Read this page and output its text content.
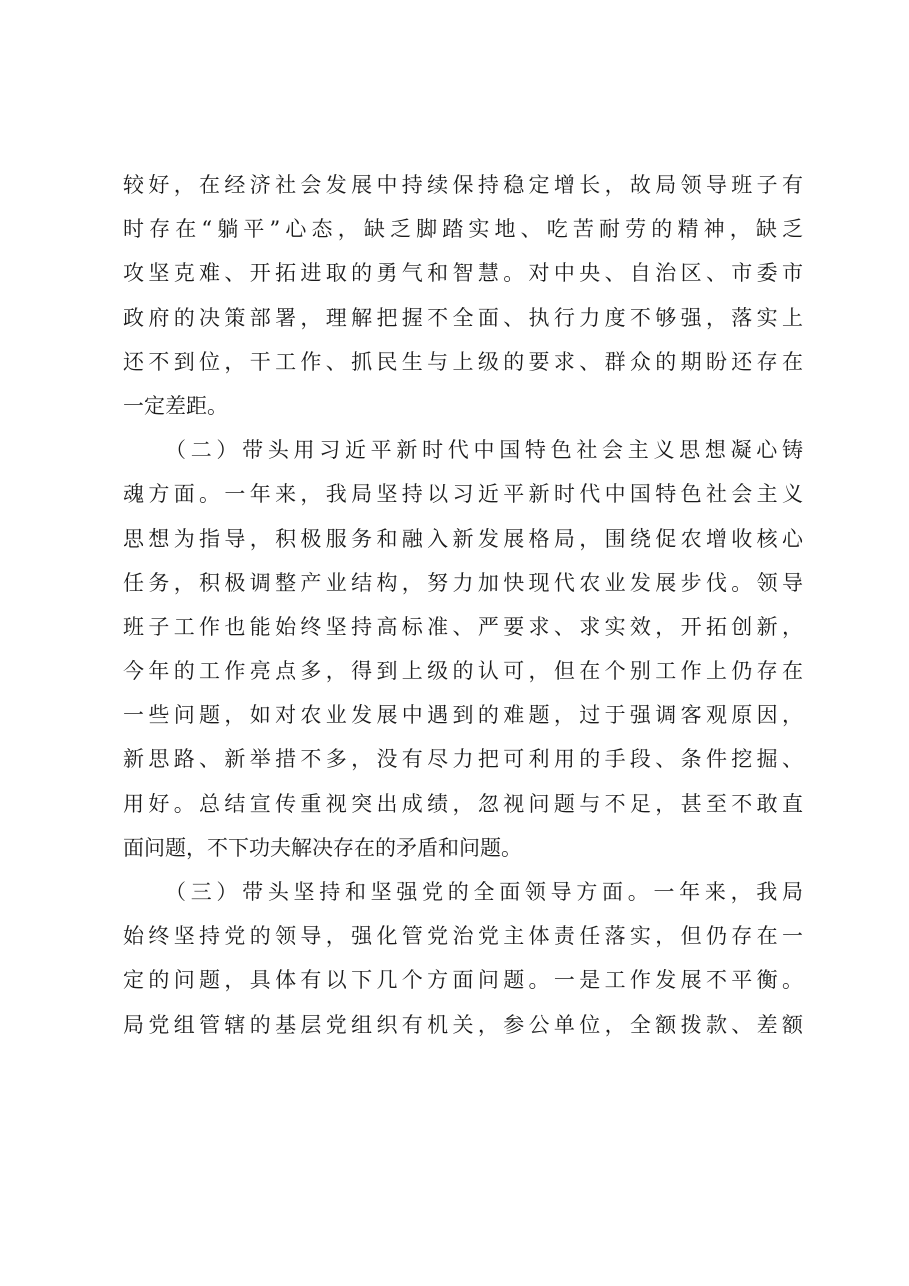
较好，在经济社会发展中持续保持稳定增长，故局领导班子有
时存在“躺平”心态，缺乏脚踏实地、吃苦耐劳的精神，缺乏
攻坚克难、开拓进取的勇气和智慧。对中央、自治区、市委市
政府的决策部署，理解把握不全面、执行力度不够强，落实上
还不到位，干工作、抓民生与上级的要求、群众的期盼还存在
一定差距。
（二）带头用习近平新时代中国特色社会主义思想凝心铸
魂方面。一年来，我局坚持以习近平新时代中国特色社会主义
思想为指导，积极服务和融入新发展格局，围绕促农增收核心
任务，积极调整产业结构，努力加快现代农业发展步伐。领导
班子工作也能始终坚持高标准、严要求、求实效，开拓创新，
今年的工作亮点多，得到上级的认可，但在个别工作上仍存在
一些问题，如对农业发展中遇到的难题，过于强调客观原因，
新思路、新举措不多，没有尽力把可利用的手段、条件挖掘、
用好。总结宣传重视突出成绩，忽视问题与不足，甚至不敢直
面问题，不下功夫解决存在的矛盾和问题。
（三）带头坚持和坚强党的全面领导方面。一年来，我局
始终坚持党的领导，强化管党治党主体责任落实，但仍存在一
定的问题，具体有以下几个方面问题。一是工作发展不平衡。
局党组管辖的基层党组织有机关，参公单位，全额拨款、差额
